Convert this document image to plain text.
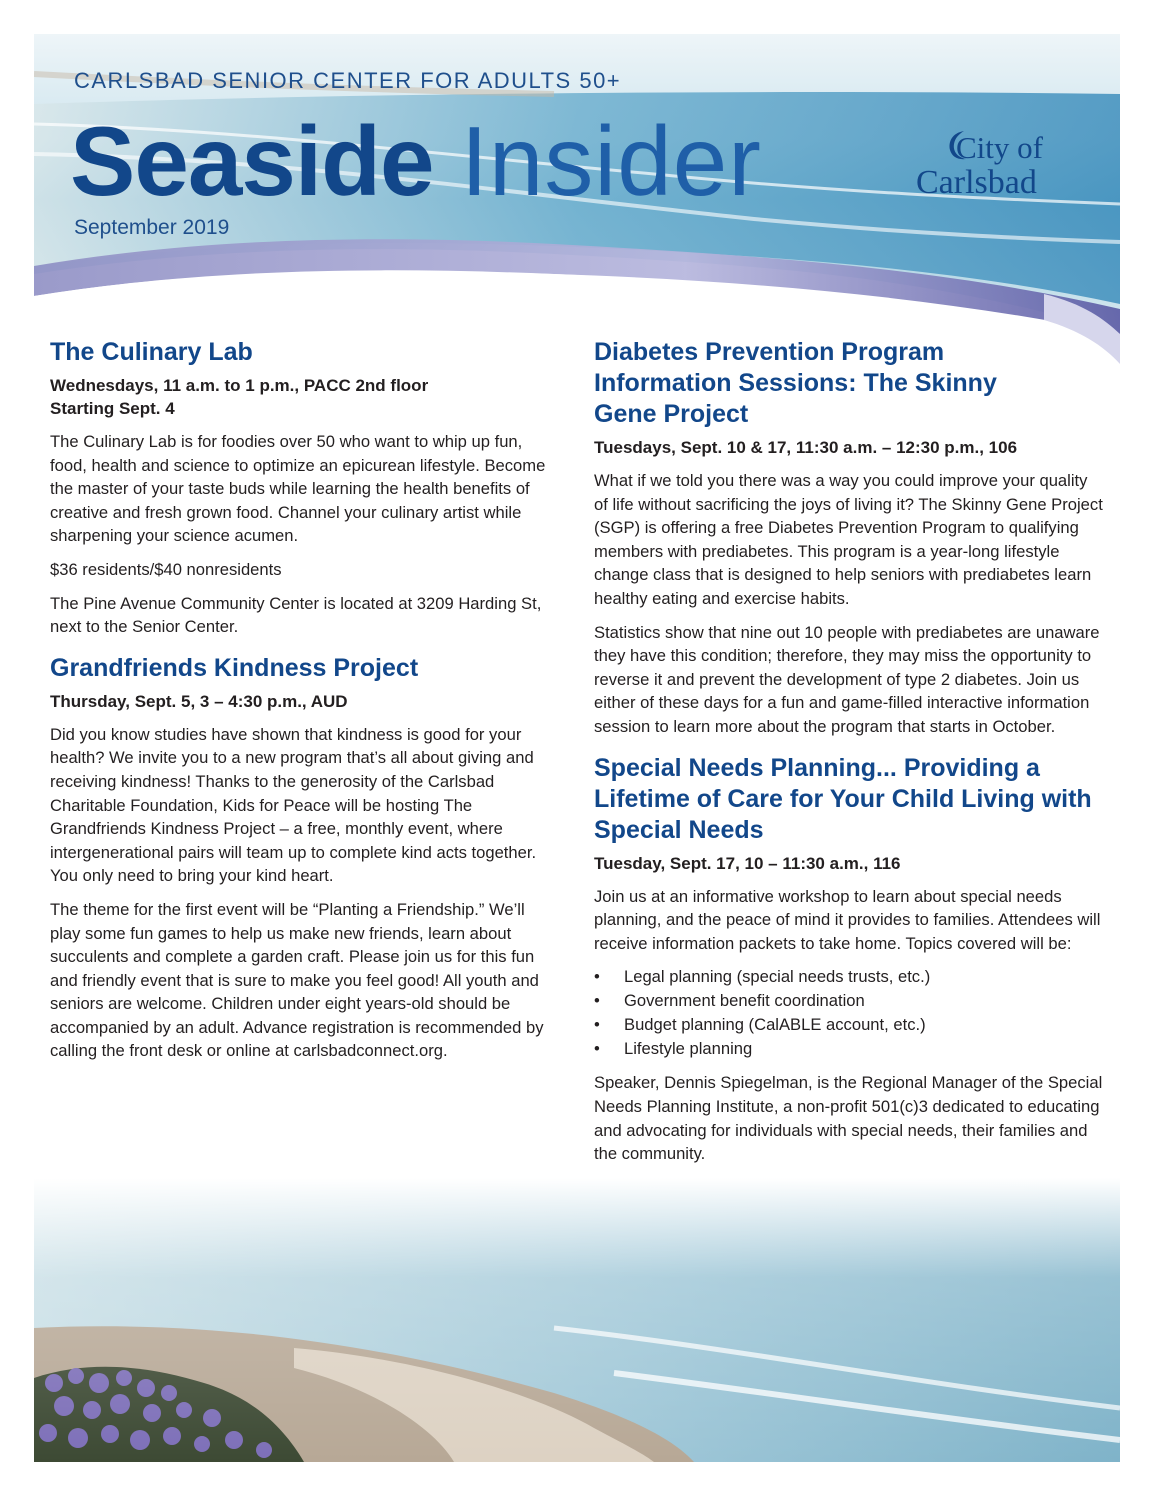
CARLSBAD SENIOR CENTER FOR ADULTS 50+
Seaside Insider
September 2019
City of
Carlsbad
The Culinary Lab
Wednesdays, 11 a.m. to 1 p.m., PACC 2nd floor
Starting Sept. 4

The Culinary Lab is for foodies over 50 who want to whip up fun, food, health and science to optimize an epicurean lifestyle. Become the master of your taste buds while learning the health benefits of creative and fresh grown food. Channel your culinary artist while sharpening your science acumen.

$36 residents/$40 nonresidents

The Pine Avenue Community Center is located at 3209 Harding St, next to the Senior Center.

Grandfriends Kindness Project
Thursday, Sept. 5, 3 – 4:30 p.m., AUD

Did you know studies have shown that kindness is good for your health? We invite you to a new program that’s all about giving and receiving kindness! Thanks to the generosity of the Carlsbad Charitable Foundation, Kids for Peace will be hosting The Grandfriends Kindness Project – a free, monthly event, where intergenerational pairs will team up to complete kind acts together. You only need to bring your kind heart.

The theme for the first event will be “Planting a Friendship.” We’ll play some fun games to help us make new friends, learn about succulents and complete a garden craft. Please join us for this fun and friendly event that is sure to make you feel good! All youth and seniors are welcome. Children under eight years-old should be accompanied by an adult. Advance registration is recommended by calling the front desk or online at carlsbadconnect.org.

Diabetes Prevention Program Information Sessions: The Skinny Gene Project
Tuesdays, Sept. 10 & 17, 11:30 a.m. – 12:30 p.m., 106

What if we told you there was a way you could improve your quality of life without sacrificing the joys of living it? The Skinny Gene Project (SGP) is offering a free Diabetes Prevention Program to qualifying members with prediabetes. This program is a year-long lifestyle change class that is designed to help seniors with prediabetes learn healthy eating and exercise habits.

Statistics show that nine out 10 people with prediabetes are unaware they have this condition; therefore, they may miss the opportunity to reverse it and prevent the development of type 2 diabetes. Join us either of these days for a fun and game-filled interactive information session to learn more about the program that starts in October.

Special Needs Planning... Providing a Lifetime of Care for Your Child Living with Special Needs
Tuesday, Sept. 17, 10 – 11:30 a.m., 116

Join us at an informative workshop to learn about special needs planning, and the peace of mind it provides to families. Attendees will receive information packets to take home. Topics covered will be:

• Legal planning (special needs trusts, etc.)
• Government benefit coordination
• Budget planning (CalABLE account, etc.)
• Lifestyle planning

Speaker, Dennis Spiegelman, is the Regional Manager of the Special Needs Planning Institute, a non-profit 501(c)3 dedicated to educating and advocating for individuals with special needs, their families and the community.
